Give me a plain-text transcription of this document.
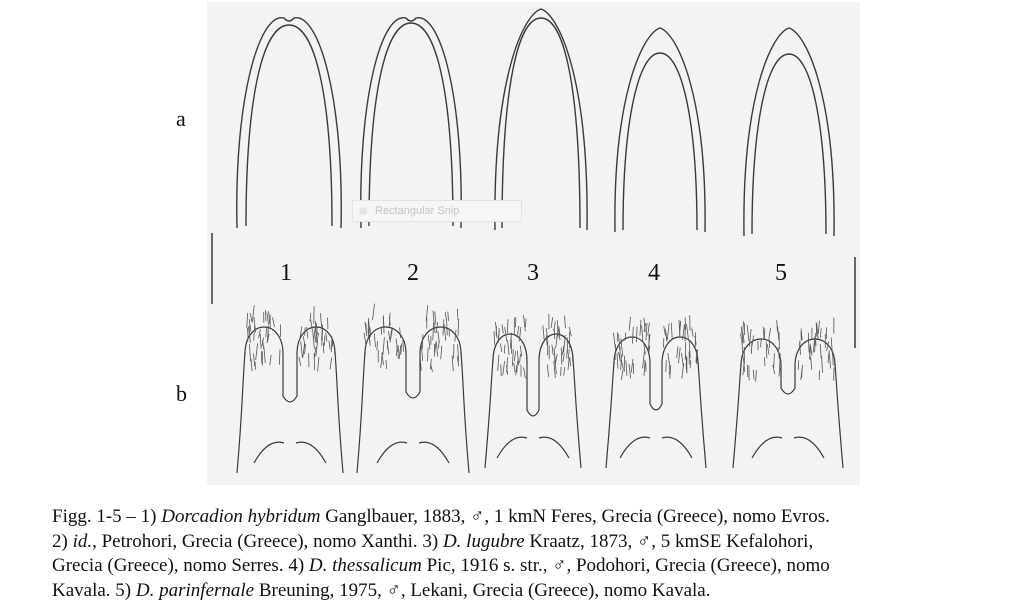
a
b
1	2	3	4	5
Rectangular Snip
Figg. 1-5 – 1) Dorcadion hybridum Ganglbauer, 1883, ♂, 1 kmN Feres, Grecia (Greece), nomo Evros.
2) id., Petrohori, Grecia (Greece), nomo Xanthi. 3) D. lugubre Kraatz, 1873, ♂, 5 kmSE Kefalohori,
Grecia (Greece), nomo Serres. 4) D. thessalicum Pic, 1916 s. str., ♂, Podohori, Grecia (Greece), nomo
Kavala. 5) D. parinfernale Breuning, 1975, ♂, Lekani, Grecia (Greece), nomo Kavala.
